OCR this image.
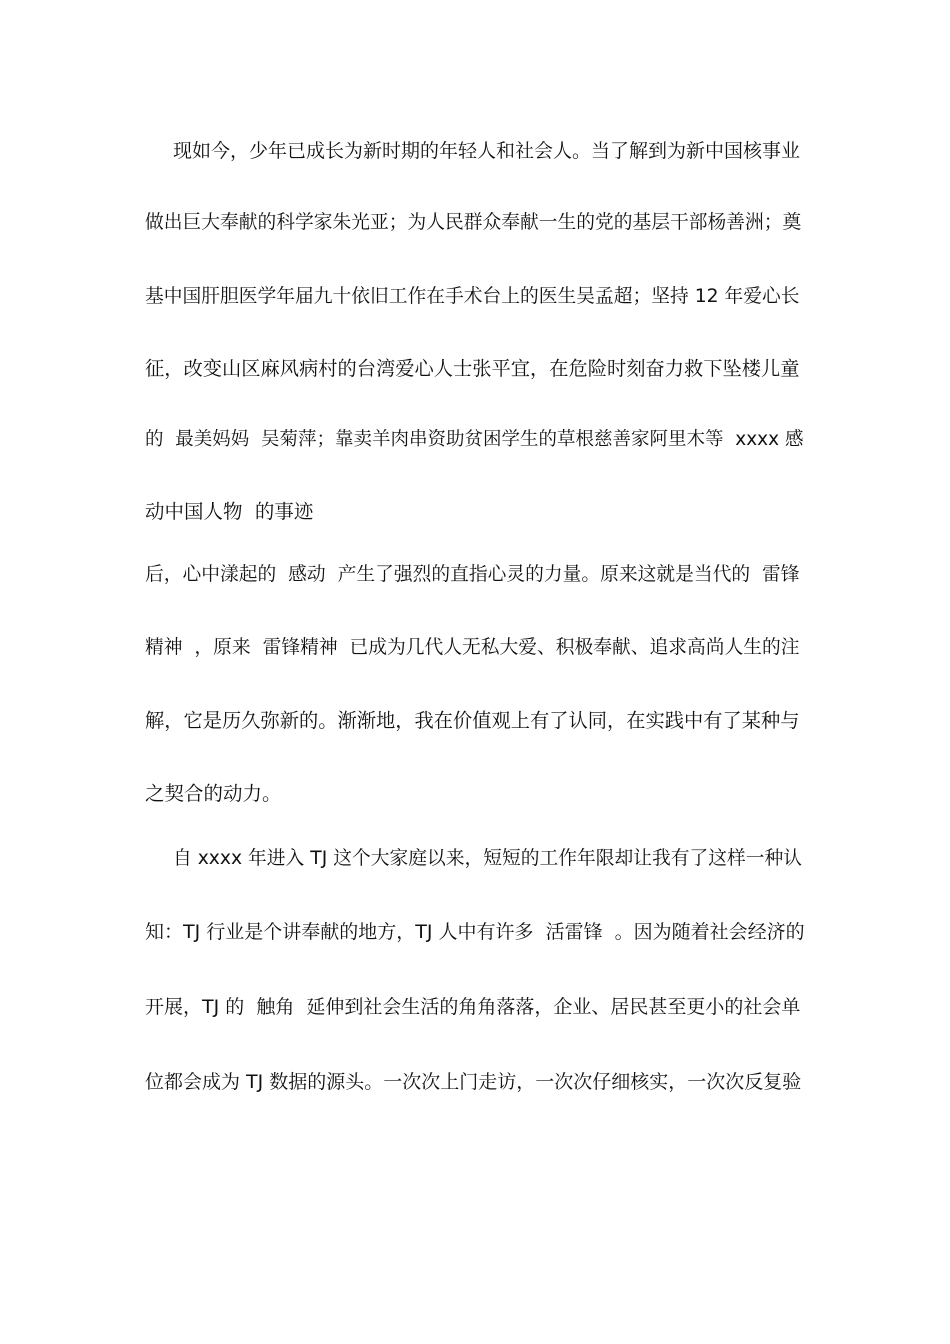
现如今，少年已成长为新时期的年轻人和社会人。当了解到为新中国核事业
做出巨大奉献的科学家朱光亚；为人民群众奉献一生的党的基层干部杨善洲；奠
基中国肝胆医学年届九十依旧工作在手术台上的医生吴孟超；坚持 12 年爱心长
征，改变山区麻风病村的台湾爱心人士张平宜，在危险时刻奋力救下坠楼儿童
的  最美妈妈  吴菊萍；靠卖羊肉串资助贫困学生的草根慈善家阿里木等  xxxx 感
动中国人物  的事迹
后，心中漾起的  感动  产生了强烈的直指心灵的力量。原来这就是当代的  雷锋
精神  ，原来  雷锋精神  已成为几代人无私大爱、积极奉献、追求高尚人生的注
解，它是历久弥新的。渐渐地，我在价值观上有了认同，在实践中有了某种与
之契合的动力。
自 xxxx 年进入 TJ 这个大家庭以来，短短的工作年限却让我有了这样一种认
知：TJ 行业是个讲奉献的地方，TJ 人中有许多  活雷锋  。因为随着社会经济的
开展，TJ 的  触角  延伸到社会生活的角角落落，企业、居民甚至更小的社会单
位都会成为 TJ 数据的源头。一次次上门走访，一次次仔细核实，一次次反复验
